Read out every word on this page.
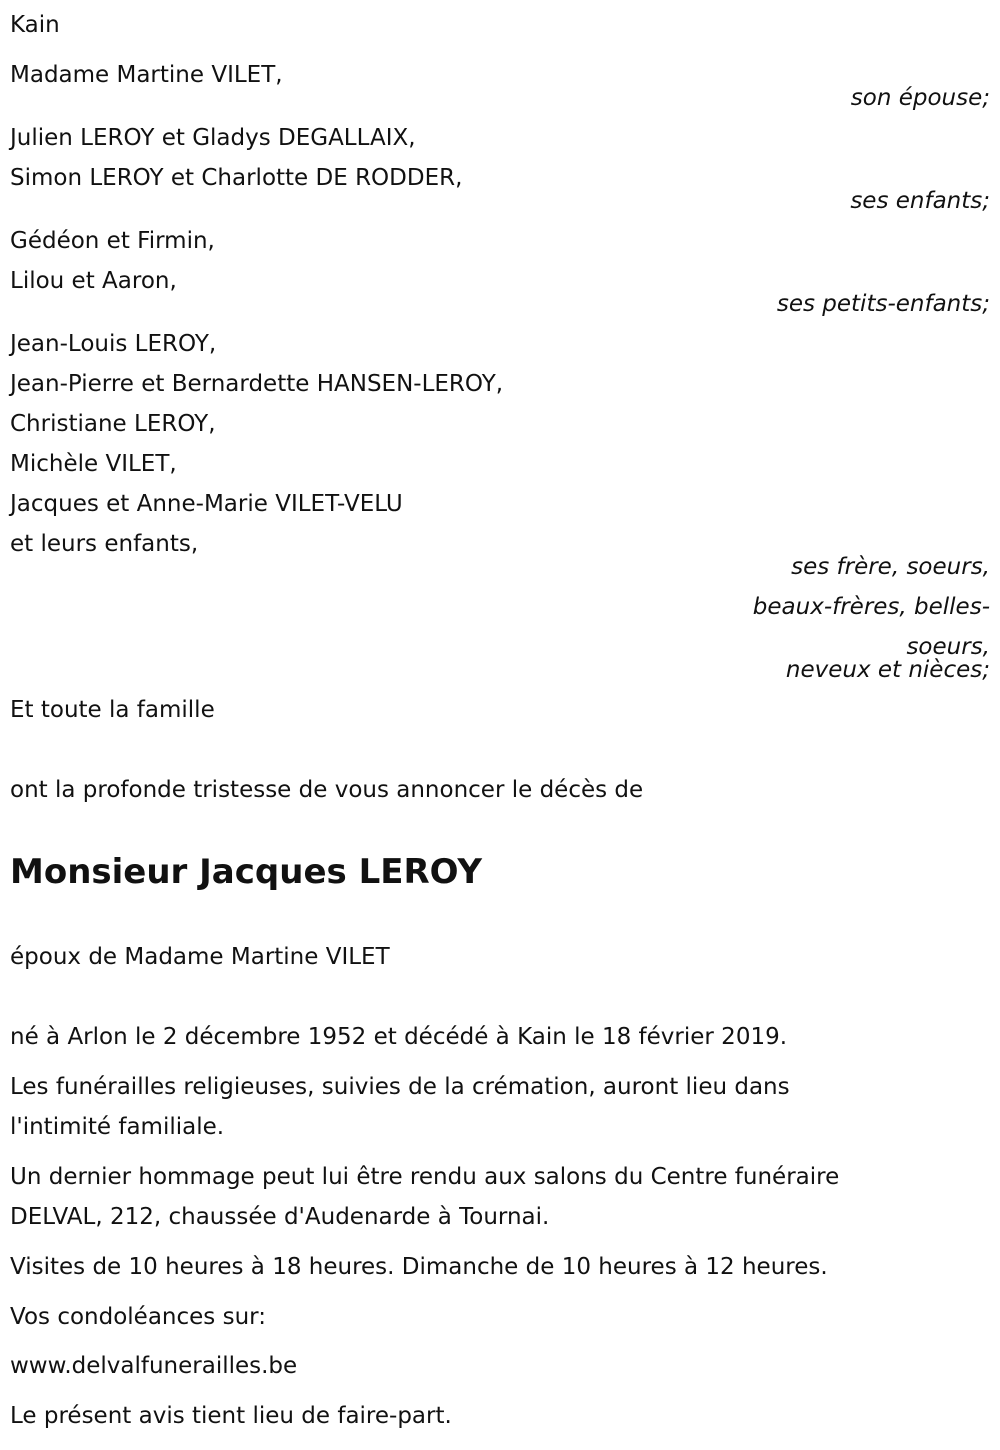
Kain
Madame Martine VILET,
son épouse;
Julien LEROY et Gladys DEGALLAIX,
Simon LEROY et Charlotte DE RODDER,
ses enfants;
Gédéon et Firmin,
Lilou et Aaron,
ses petits-enfants;
Jean-Louis LEROY,
Jean-Pierre et Bernardette HANSEN-LEROY,
Christiane LEROY,
Michèle VILET,
Jacques et Anne-Marie VILET-VELU
et leurs enfants,
ses frère, soeurs,
beaux-frères, belles-
soeurs,
neveux et nièces;
Et toute la famille
ont la profonde tristesse de vous annoncer le décès de
Monsieur Jacques LEROY
époux de Madame Martine VILET
né à Arlon le 2 décembre 1952 et décédé à Kain le 18 février 2019.
Les funérailles religieuses, suivies de la crémation, auront lieu dans
l'intimité familiale.
Un dernier hommage peut lui être rendu aux salons du Centre funéraire
DELVAL, 212, chaussée d'Audenarde à Tournai.
Visites de 10 heures à 18 heures. Dimanche de 10 heures à 12 heures.
Vos condoléances sur:
www.delvalfunerailles.be
Le présent avis tient lieu de faire-part.
